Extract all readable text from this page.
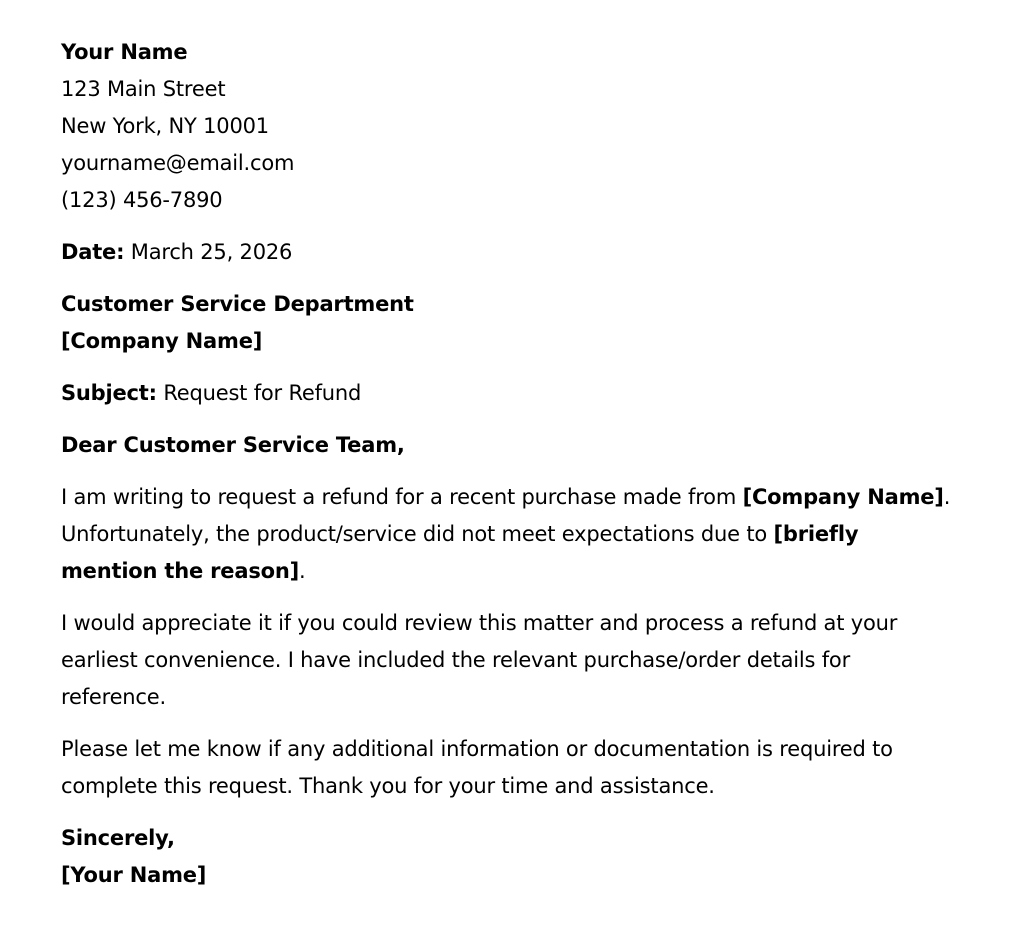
Your Name
123 Main Street
New York, NY 10001
yourname@email.com
(123) 456-7890
Date: March 25, 2026
Customer Service Department
[Company Name]
Subject: Request for Refund
Dear Customer Service Team,
I am writing to request a refund for a recent purchase made from [Company Name].
Unfortunately, the product/service did not meet expectations due to [briefly
mention the reason].
I would appreciate it if you could review this matter and process a refund at your
earliest convenience. I have included the relevant purchase/order details for
reference.
Please let me know if any additional information or documentation is required to
complete this request. Thank you for your time and assistance.
Sincerely,
[Your Name]
